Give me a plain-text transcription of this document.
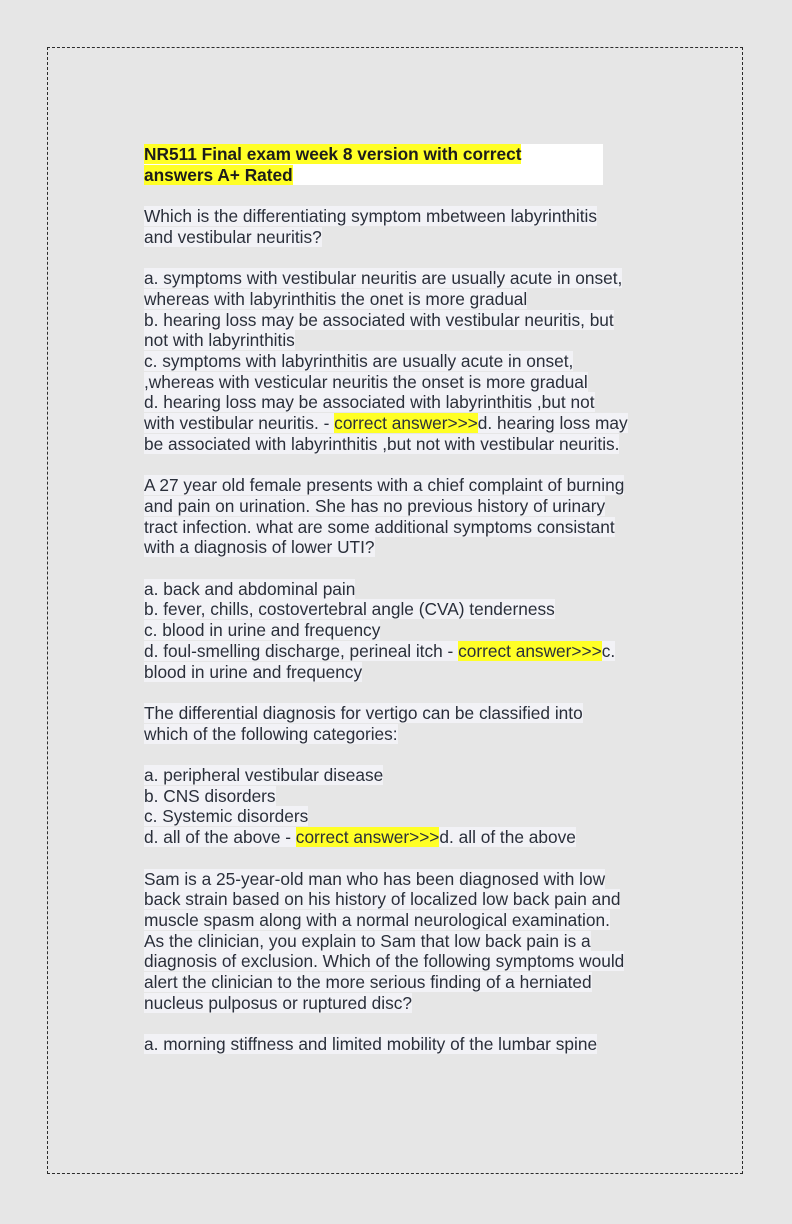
NR511 Final exam week 8 version with correct
answers A+ Rated
Which is the differentiating symptom mbetween labyrinthitis
and vestibular neuritis?
a. symptoms with vestibular neuritis are usually acute in onset,
whereas with labyrinthitis the onet is more gradual
b. hearing loss may be associated with vestibular neuritis, but
not with labyrinthitis
c. symptoms with labyrinthitis are usually acute in onset,
,whereas with vesticular neuritis the onset is more gradual
d. hearing loss may be associated with labyrinthitis ,but not
with vestibular neuritis. - correct answer>>>d. hearing loss may
be associated with labyrinthitis ,but not with vestibular neuritis.
A 27 year old female presents with a chief complaint of burning
and pain on urination. She has no previous history of urinary
tract infection. what are some additional symptoms consistant
with a diagnosis of lower UTI?
a. back and abdominal pain
b. fever, chills, costovertebral angle (CVA) tenderness
c. blood in urine and frequency
d. foul-smelling discharge, perineal itch - correct answer>>>c.
blood in urine and frequency
The differential diagnosis for vertigo can be classified into
which of the following categories:
a. peripheral vestibular disease
b. CNS disorders
c. Systemic disorders
d. all of the above - correct answer>>>d. all of the above
Sam is a 25-year-old man who has been diagnosed with low
back strain based on his history of localized low back pain and
muscle spasm along with a normal neurological examination.
As the clinician, you explain to Sam that low back pain is a
diagnosis of exclusion. Which of the following symptoms would
alert the clinician to the more serious finding of a herniated
nucleus pulposus or ruptured disc?
a. morning stiffness and limited mobility of the lumbar spine
